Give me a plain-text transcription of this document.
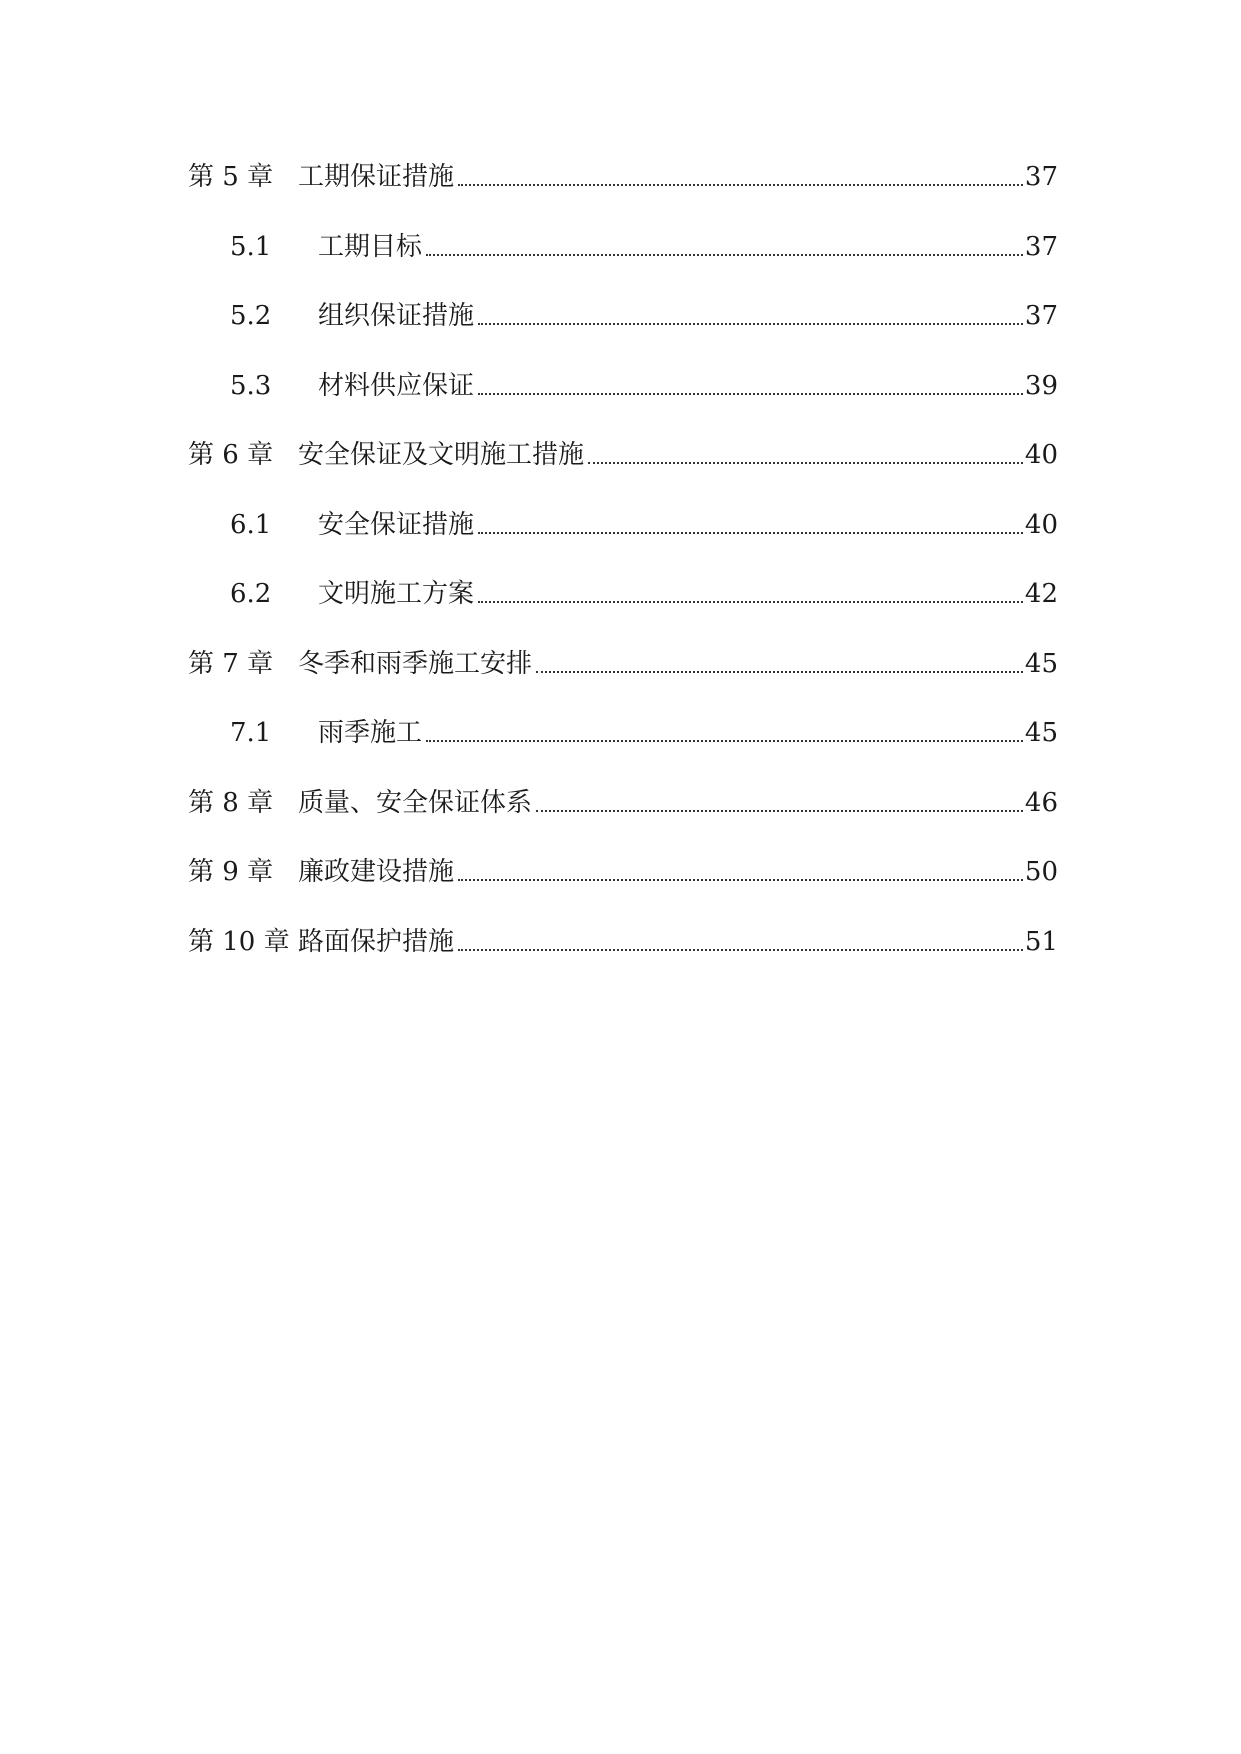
第 5 章 工期保证措施	37
5.1	工期目标	37
5.2	组织保证措施	37
5.3	材料供应保证	39
第 6 章 安全保证及文明施工措施	40
6.1	安全保证措施	40
6.2	文明施工方案	42
第 7 章 冬季和雨季施工安排	45
7.1	雨季施工	45
第 8 章 质量、安全保证体系	46
第 9 章 廉政建设措施	50
第 10 章 路面保护措施	51
